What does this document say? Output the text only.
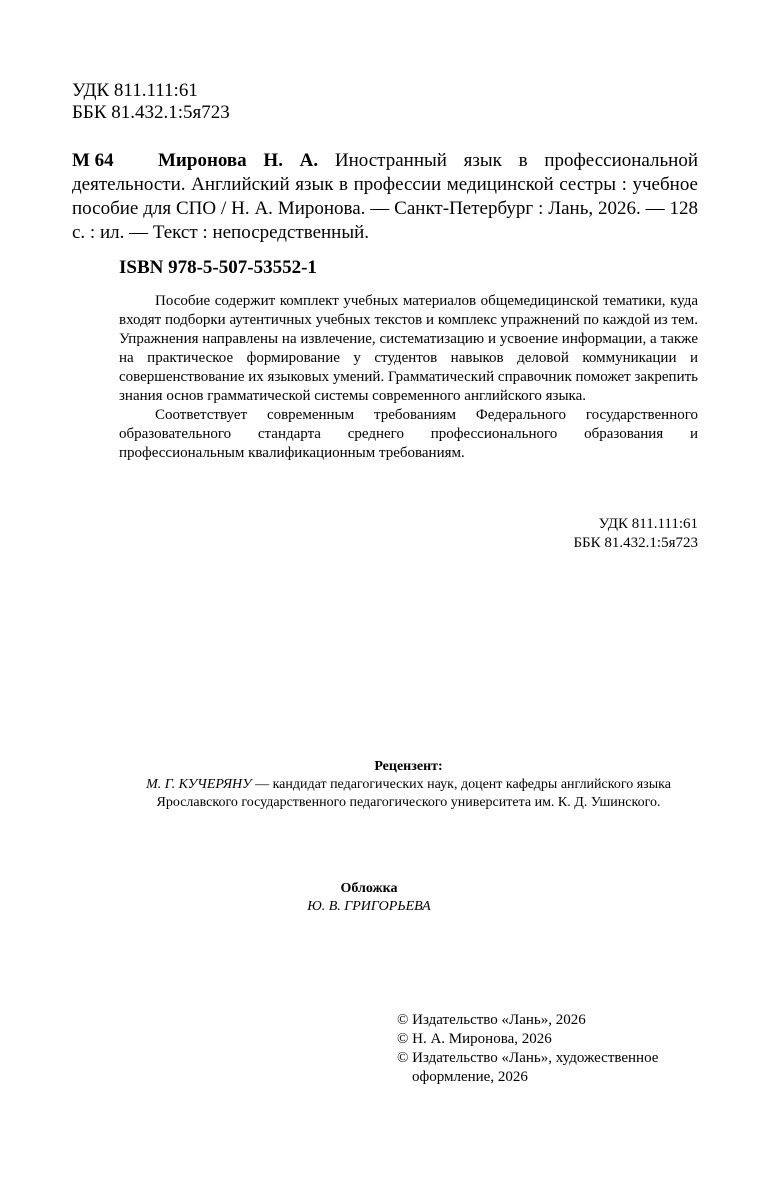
УДК 811.111:61
ББК 81.432.1:5я723
М 64	Миронова Н. А. Иностранный язык в профессиональной деятельности. Английский язык в профессии медицинской сестры : учебное пособие для СПО / Н. А. Миронова. — Санкт-Петербург : Лань, 2026. — 128 с. : ил. — Текст : непосредственный.
ISBN 978-5-507-53552-1

Пособие содержит комплект учебных материалов общемедицинской тематики, куда входят подборки аутентичных учебных текстов и комплекс упражнений по каждой из тем. Упражнения направлены на извлечение, систематизацию и усвоение информации, а также на практическое формирование у студентов навыков деловой коммуникации и совершенствование их языковых умений. Грамматический справочник поможет закрепить знания основ грамматической системы современного английского языка.

Соответствует современным требованиям Федерального государственного образовательного стандарта среднего профессионального образования и профессиональным квалификационным требованиям.

УДК 811.111:61
ББК 81.432.1:5я723
Рецензент:
М. Г. КУЧЕРЯНУ — кандидат педагогических наук, доцент кафедры английского языка Ярославского государственного педагогического университета им. К. Д. Ушинского.
Обложка
Ю. В. ГРИГОРЬЕВА
© Издательство «Лань», 2026
© Н. А. Миронова, 2026
© Издательство «Лань», художественное оформление, 2026
